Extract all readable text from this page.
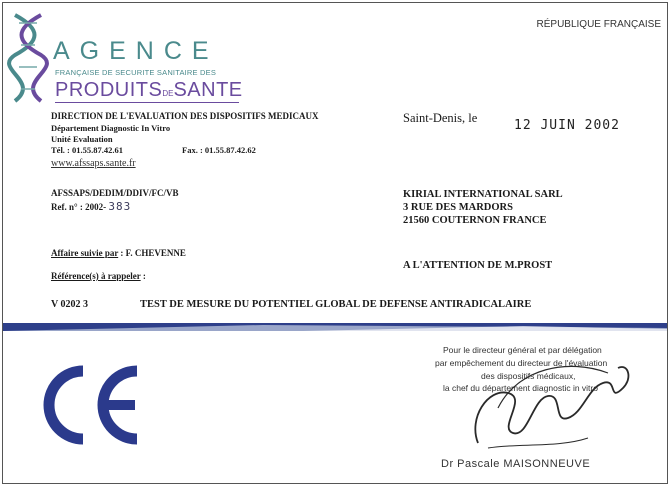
AGENCE
FRANÇAISE DE SECURITE SANITAIRE DES
PRODUITSDESANTE
RÉPUBLIQUE FRANÇAISE
DIRECTION DE L'EVALUATION DES DISPOSITIFS MEDICAUX
Département Diagnostic In Vitro
Unité Evaluation
Tél. : 01.55.87.42.61	Fax. : 01.55.87.42.62
www.afssaps.sante.fr
AFSSAPS/DEDIM/DDIV/FC/VB
Ref. n° : 2002- 383
Affaire suivie par : F. CHEVENNE
Référence(s) à rappeler :
Saint-Denis, le	12 JUIN 2002
KIRIAL INTERNATIONAL SARL
3 RUE DES MARDORS
21560 COUTERNON FRANCE
A L'ATTENTION DE M.PROST
V 0202 3	TEST DE MESURE DU POTENTIEL GLOBAL DE DEFENSE ANTIRADICALAIRE
Pour le directeur général et par délégation
par empêchement du directeur de l'évaluation
des dispositifs médicaux,
la chef du département diagnostic in vitro
Dr Pascale MAISONNEUVE
